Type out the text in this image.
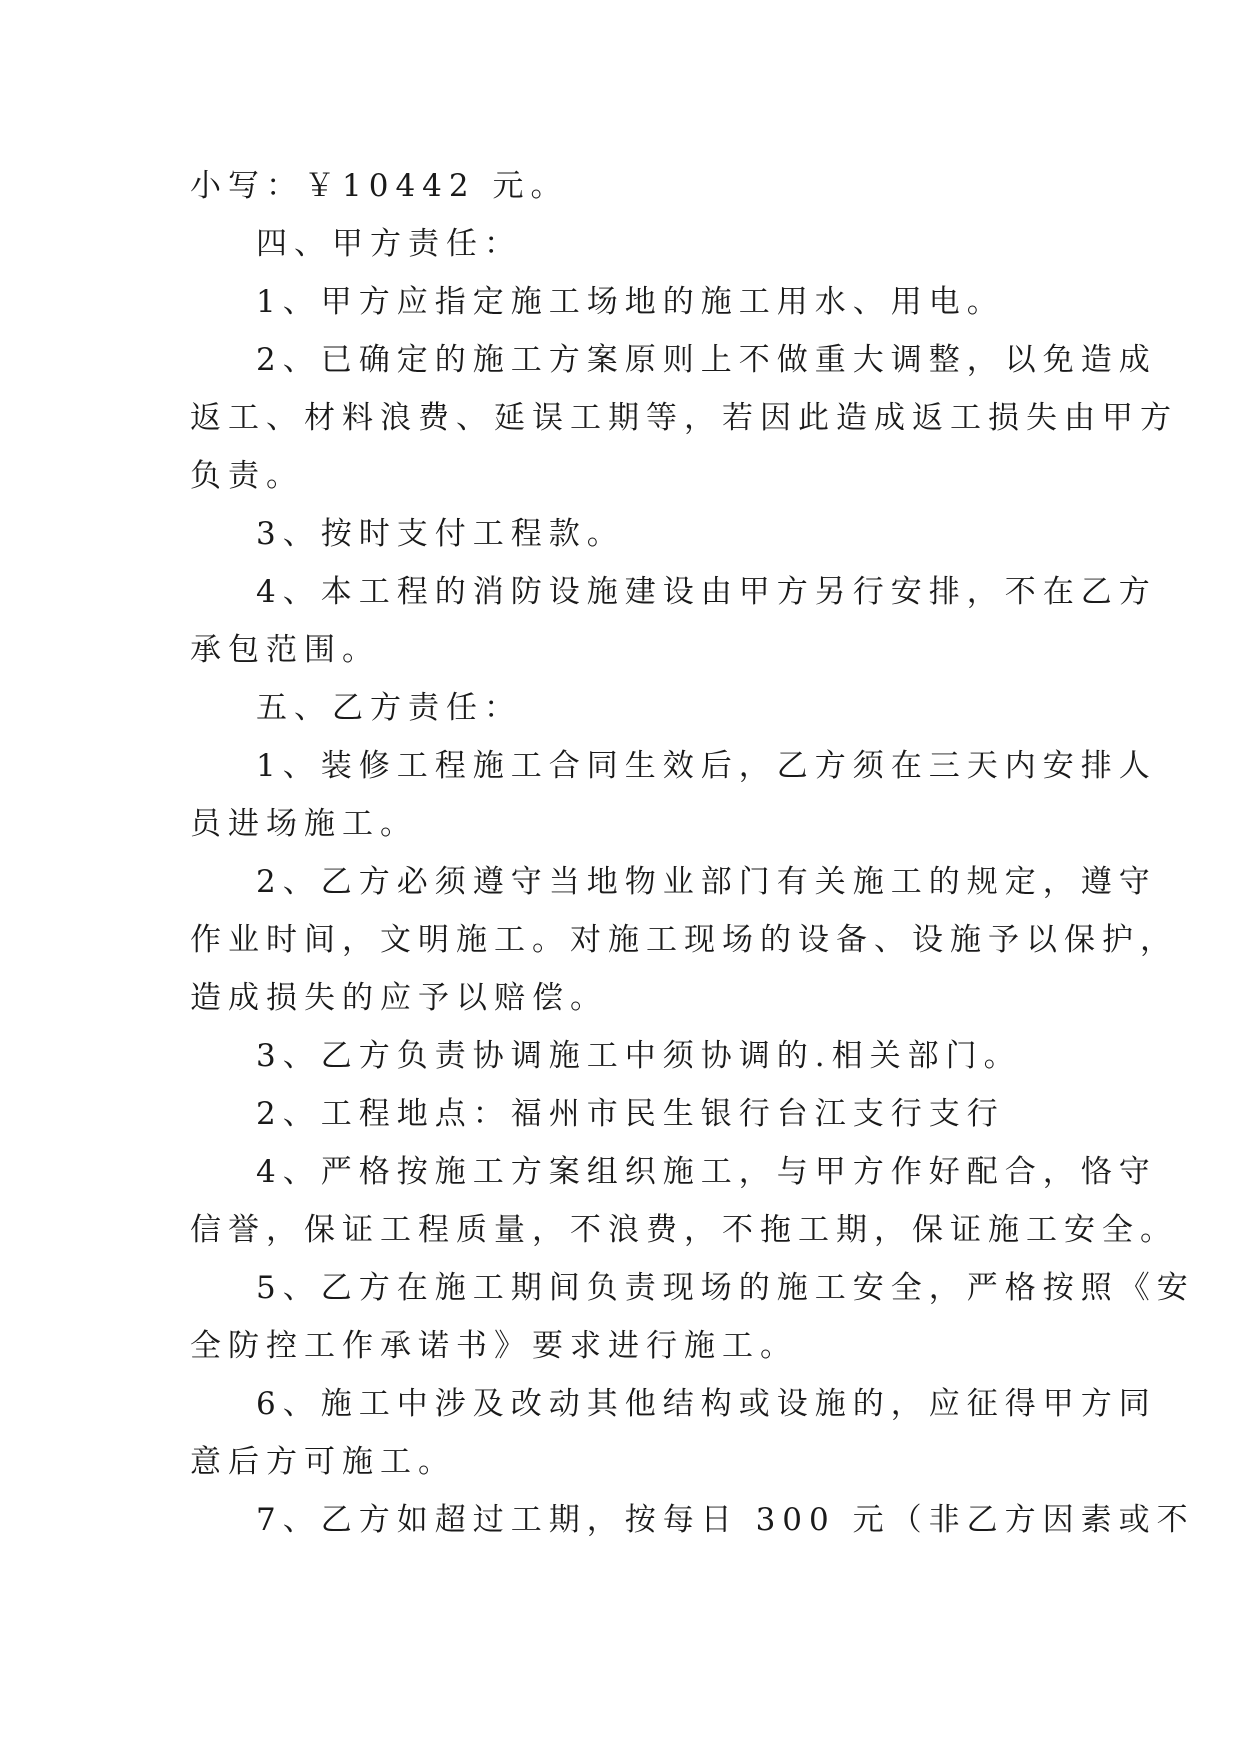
小写：￥10442 元。
四、甲方责任：
1、甲方应指定施工场地的施工用水、用电。
2、已确定的施工方案原则上不做重大调整，以免造成
返工、材料浪费、延误工期等，若因此造成返工损失由甲方
负责。
3、按时支付工程款。
4、本工程的消防设施建设由甲方另行安排，不在乙方
承包范围。
五、乙方责任：
1、装修工程施工合同生效后，乙方须在三天内安排人
员进场施工。
2、乙方必须遵守当地物业部门有关施工的规定，遵守
作业时间，文明施工。对施工现场的设备、设施予以保护，
造成损失的应予以赔偿。
3、乙方负责协调施工中须协调的.相关部门。
2、工程地点：福州市民生银行台江支行支行
4、严格按施工方案组织施工，与甲方作好配合，恪守
信誉，保证工程质量，不浪费，不拖工期，保证施工安全。
5、乙方在施工期间负责现场的施工安全，严格按照《安
全防控工作承诺书》要求进行施工。
6、施工中涉及改动其他结构或设施的，应征得甲方同
意后方可施工。
7、乙方如超过工期，按每日 300 元（非乙方因素或不
